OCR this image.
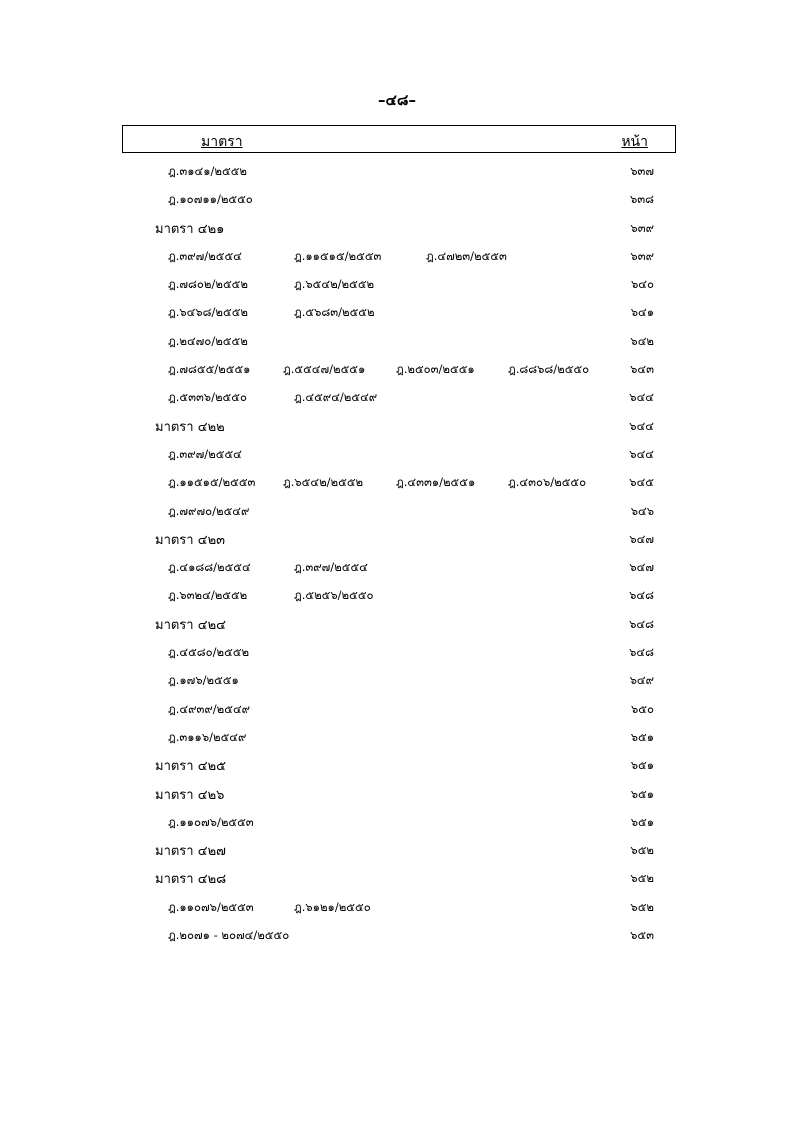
–๔๘–
มาตรา	หน้า
ฎ.๓๑๔๑/๒๕๕๒	๖๓๗
ฎ.๑๐๗๑๑/๒๕๕๐	๖๓๘
มาตรา ๔๒๑	๖๓๙
ฎ.๓๙๗/๒๕๕๔	ฎ.๑๑๕๑๕/๒๕๕๓	ฎ.๔๗๒๓/๒๕๕๓	๖๓๙
ฎ.๗๘๐๒/๒๕๕๒	ฎ.๖๕๔๒/๒๕๕๒	๖๔๐
ฎ.๖๔๖๘/๒๕๕๒	ฎ.๕๖๘๓/๒๕๕๒	๖๔๑
ฎ.๒๔๗๐/๒๕๕๒	๖๔๒
ฎ.๗๘๕๕/๒๕๕๑	ฎ.๕๕๔๗/๒๕๕๑	ฎ.๒๕๐๓/๒๕๕๑	ฎ.๘๘๖๘/๒๕๕๐	๖๔๓
ฎ.๕๓๓๖/๒๕๕๐	ฎ.๔๕๙๔/๒๕๔๙	๖๔๔
มาตรา ๔๒๒	๖๔๔
ฎ.๓๙๗/๒๕๕๔	๖๔๔
ฎ.๑๑๕๑๕/๒๕๕๓ ฎ.๖๕๔๒/๒๕๕๒	ฎ.๔๓๓๑/๒๕๕๑	ฎ.๔๓๐๖/๒๕๕๐	๖๔๕
ฎ.๗๙๗๐/๒๕๔๙	๖๔๖
มาตรา ๔๒๓	๖๔๗
ฎ.๔๑๘๘/๒๕๕๔	ฎ.๓๙๗/๒๕๕๔	๖๔๗
ฎ.๖๓๒๔/๒๕๕๒	ฎ.๕๒๕๖/๒๕๕๐	๖๔๘
มาตรา ๔๒๔	๖๔๘
ฎ.๔๕๘๐/๒๕๕๒	๖๔๘
ฎ.๑๗๖/๒๕๕๑	๖๔๙
ฎ.๔๙๓๙/๒๕๔๙	๖๕๐
ฎ.๓๑๑๖/๒๕๔๙	๖๕๑
มาตรา ๔๒๕	๖๕๑
มาตรา ๔๒๖	๖๕๑
ฎ.๑๑๐๗๖/๒๕๕๓	๖๕๑
มาตรา ๔๒๗	๖๕๒
มาตรา ๔๒๘	๖๕๒
ฎ.๑๑๐๗๖/๒๕๕๓	ฎ.๖๑๒๑/๒๕๕๐	๖๕๒
ฎ.๒๐๗๑ - ๒๐๗๔/๒๕๕๐	๖๕๓
